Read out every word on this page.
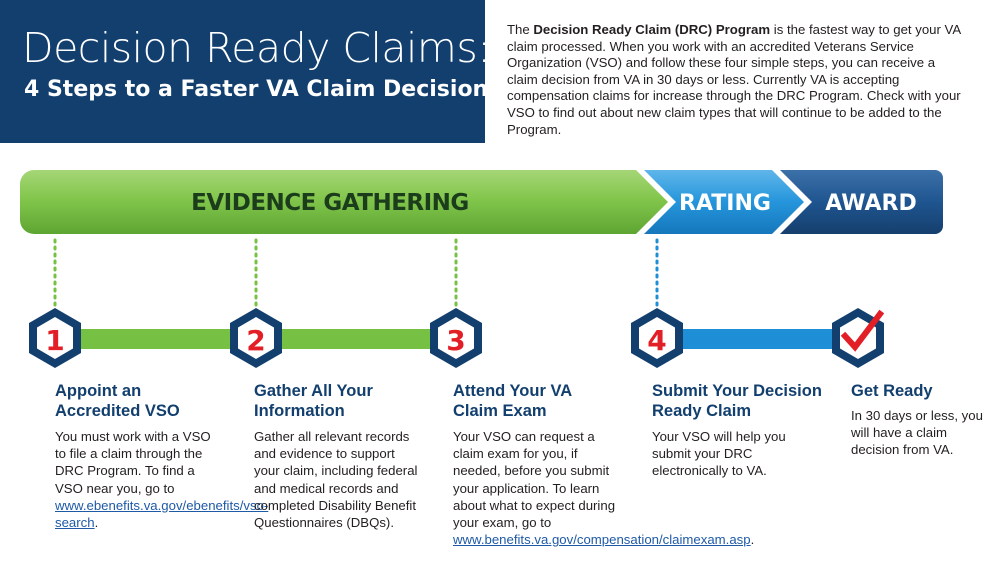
Decision Ready Claims:
4 Steps to a Faster VA Claim Decision
The Decision Ready Claim (DRC) Program is the fastest way to get your VA claim processed. When you work with an accredited Veterans Service Organization (VSO) and follow these four simple steps, you can receive a claim decision from VA in 30 days or less. Currently VA is accepting compensation claims for increase through the DRC Program. Check with your VSO to find out about new claim types that will continue to be added to the Program.
EVIDENCE GATHERING	RATING AWARD
1	2	3	4
Appoint an Accredited VSO
You must work with a VSO to file a claim through the DRC Program. To find a VSO near you, go to www.ebenefits.va.gov/ebenefits/vso-search.
Gather All Your Information
Gather all relevant records and evidence to support your claim, including federal and medical records and completed Disability Benefit Questionnaires (DBQs).
Attend Your VA Claim Exam
Your VSO can request a claim exam for you, if needed, before you submit your application. To learn about what to expect during your exam, go to www.benefits.va.gov/compensation/claimexam.asp.
Submit Your Decision Ready Claim
Your VSO will help you submit your DRC electronically to VA.
Get Ready
In 30 days or less, you will have a claim decision from VA.
